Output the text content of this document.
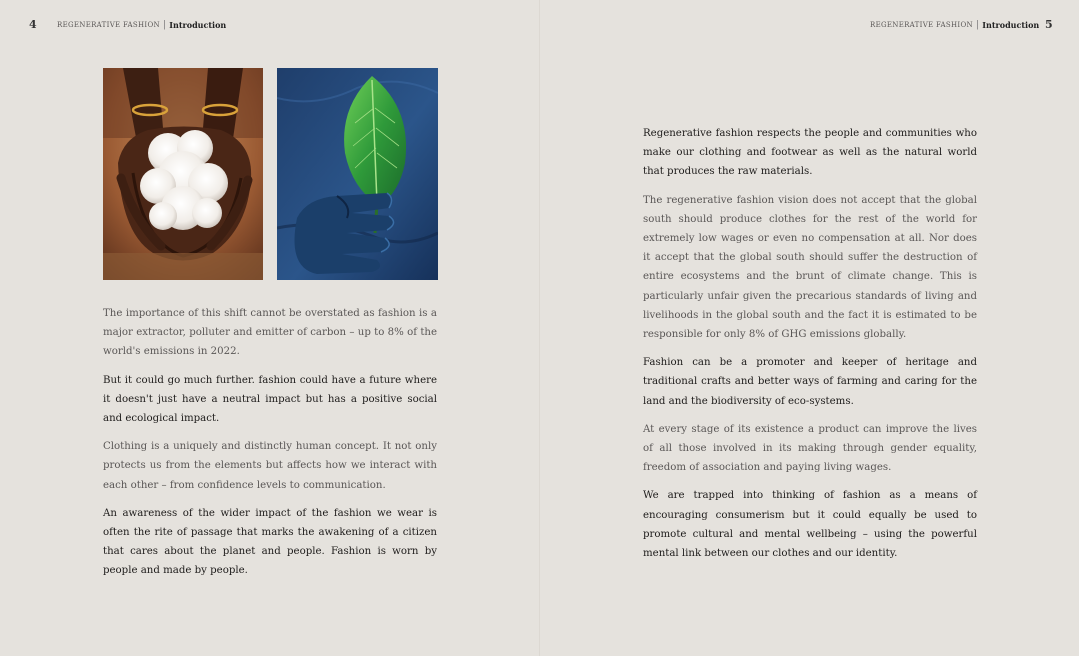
4	REGENERATIVE FASHION | Introduction

The importance of this shift cannot be overstated as fashion is a major extractor, polluter and emitter of carbon – up to 8% of the world's emissions in 2022.

But it could go much further. fashion could have a future where it doesn't just have a neutral impact but has a positive social and ecological impact.

Clothing is a uniquely and distinctly human concept. It not only protects us from the elements but affects how we interact with each other – from confidence levels to communication.

An awareness of the wider impact of the fashion we wear is often the rite of passage that marks the awakening of a citizen that cares about the planet and people. Fashion is worn by people and made by people.

REGENERATIVE FASHION | Introduction 5

Regenerative fashion respects the people and communities who make our clothing and footwear as well as the natural world that produces the raw materials.

The regenerative fashion vision does not accept that the global south should produce clothes for the rest of the world for extremely low wages or even no compensation at all. Nor does it accept that the global south should suffer the destruction of entire ecosystems and the brunt of climate change. This is particularly unfair given the precarious standards of living and livelihoods in the global south and the fact it is estimated to be responsible for only 8% of GHG emissions globally.

Fashion can be a promoter and keeper of heritage and traditional crafts and better ways of farming and caring for the land and the biodiversity of eco-systems.

At every stage of its existence a product can improve the lives of all those involved in its making through gender equality, freedom of association and paying living wages.

We are trapped into thinking of fashion as a means of encouraging consumerism but it could equally be used to promote cultural and mental wellbeing – using the powerful mental link between our clothes and our identity.
